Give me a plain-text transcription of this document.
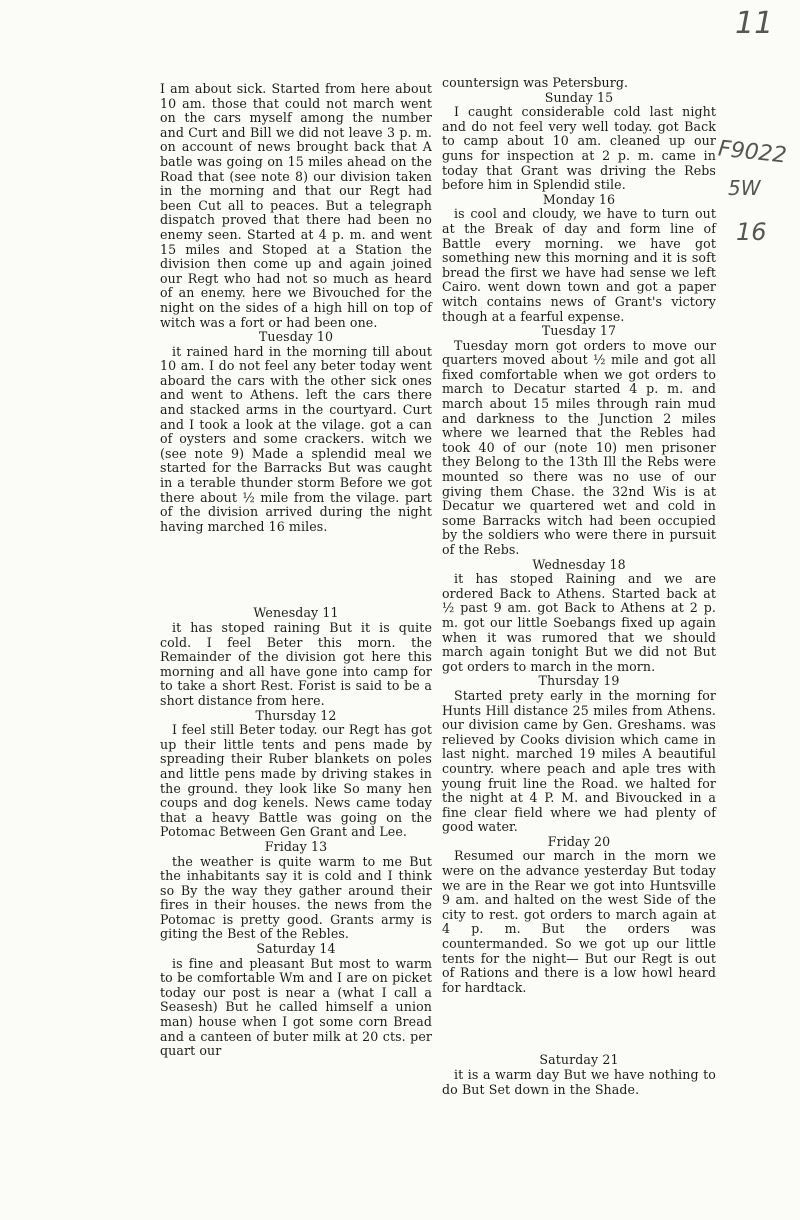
11
F9022
5W
16

I am about sick. Started from here about 10 am. those that could not march went on the cars myself among the number and Curt and Bill we did not leave 3 p. m. on account of news brought back that A batle was going on 15 miles ahead on the Road that (see note 8) our division taken in the morning and that our Regt had been Cut all to peaces. But a telegraph dispatch proved that there had been no enemy seen. Started at 4 p. m. and went 15 miles and Stoped at a Station the division then come up and again joined our Regt who had not so much as heard of an enemy. here we Bivouched for the night on the sides of a high hill on top of witch was a fort or had been one.

Tuesday 10

it rained hard in the morning till about 10 am. I do not feel any beter today went aboard the cars with the other sick ones and went to Athens. left the cars there and stacked arms in the courtyard. Curt and I took a look at the vilage. got a can of oysters and some crackers. witch we (see note 9) Made a splendid meal we started for the Barracks But was caught in a terable thunder storm Before we got there about ½ mile from the vilage. part of the division arrived during the night having marched 16 miles.

Wenesday 11

it has stoped raining But it is quite cold. I feel Beter this morn. the Remainder of the division got here this morning and all have gone into camp for to take a short Rest. Forist is said to be a short distance from here.

Thursday 12

I feel still Beter today. our Regt has got up their little tents and pens made by spreading their Ruber blankets on poles and little pens made by driving stakes in the ground. they look like So many hen coups and dog kenels. News came today that a heavy Battle was going on the Potomac Between Gen Grant and Lee.

Friday 13

the weather is quite warm to me But the inhabitants say it is cold and I think so By the way they gather around their fires in their houses. the news from the Potomac is pretty good. Grants army is giting the Best of the Rebles.

Saturday 14

is fine and pleasant But most to warm to be comfortable Wm and I are on picket today our post is near a (what I call a Seasesh) But he called himself a union man) house when I got some corn Bread and a canteen of buter milk at 20 cts. per quart our

countersign was Petersburg.

Sunday 15

I caught considerable cold last night and do not feel very well today. got Back to camp about 10 am. cleaned up our guns for inspection at 2 p. m. came in today that Grant was driving the Rebs before him in Splendid stile.

Monday 16

is cool and cloudy, we have to turn out at the Break of day and form line of Battle every morning. we have got something new this morning and it is soft bread the first we have had sense we left Cairo. went down town and got a paper witch contains news of Grant's victory though at a fearful expense.

Tuesday 17

Tuesday morn got orders to move our quarters moved about ½ mile and got all fixed comfortable when we got orders to march to Decatur started 4 p. m. and march about 15 miles through rain mud and darkness to the Junction 2 miles where we learned that the Rebles had took 40 of our (note 10) men prisoner they Belong to the 13th Ill the Rebs were mounted so there was no use of our giving them Chase. the 32nd Wis is at Decatur we quartered wet and cold in some Barracks witch had been occupied by the soldiers who were there in pursuit of the Rebs.

Wednesday 18

it has stoped Raining and we are ordered Back to Athens. Started back at ½ past 9 am. got Back to Athens at 2 p. m. got our little Soebangs fixed up again when it was rumored that we should march again tonight But we did not But got orders to march in the morn.

Thursday 19

Started prety early in the morning for Hunts Hill distance 25 miles from Athens. our division came by Gen. Greshams. was relieved by Cooks division which came in last night. marched 19 miles A beautiful country. where peach and aple tres with young fruit line the Road. we halted for the night at 4 P. M. and Bivoucked in a fine clear field where we had plenty of good water.

Friday 20

Resumed our march in the morn we were on the advance yesterday But today we are in the Rear we got into Huntsville 9 am. and halted on the west Side of the city to rest. got orders to march again at 4 p. m. But the orders was countermanded. So we got up our little tents for the night— But our Regt is out of Rations and there is a low howl heard for hardtack.

Saturday 21

it is a warm day But we have nothing to do But Set down in the Shade.
